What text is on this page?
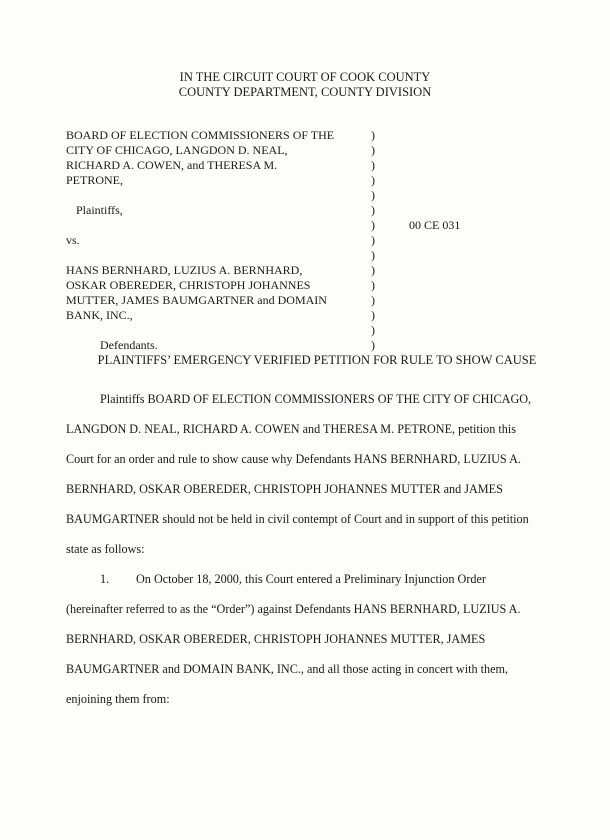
IN THE CIRCUIT COURT OF COOK COUNTY
COUNTY DEPARTMENT, COUNTY DIVISION
BOARD OF ELECTION COMMISSIONERS OF THE
CITY OF CHICAGO, LANGDON D. NEAL,
RICHARD A. COWEN, and THERESA M.
PETRONE,
Plaintiffs,
vs.
HANS BERNHARD, LUZIUS A. BERNHARD,
OSKAR OBEREDER, CHRISTOPH JOHANNES
MUTTER, JAMES BAUMGARTNER and DOMAIN
BANK, INC.,
Defendants.
)
)
)
)
)
)
)
)
)
)
)
)
)
)
)
00 CE 031
PLAINTIFFS’ EMERGENCY VERIFIED PETITION FOR RULE TO SHOW CAUSE
Plaintiffs BOARD OF ELECTION COMMISSIONERS OF THE CITY OF CHICAGO,
LANGDON D. NEAL, RICHARD A. COWEN and THERESA M. PETRONE, petition this
Court for an order and rule to show cause why Defendants HANS BERNHARD, LUZIUS A.
BERNHARD, OSKAR OBEREDER, CHRISTOPH JOHANNES MUTTER and JAMES
BAUMGARTNER should not be held in civil contempt of Court and in support of this petition
state as follows:
1. On October 18, 2000, this Court entered a Preliminary Injunction Order
(hereinafter referred to as the “Order”) against Defendants HANS BERNHARD, LUZIUS A.
BERNHARD, OSKAR OBEREDER, CHRISTOPH JOHANNES MUTTER, JAMES
BAUMGARTNER and DOMAIN BANK, INC., and all those acting in concert with them,
enjoining them from:
